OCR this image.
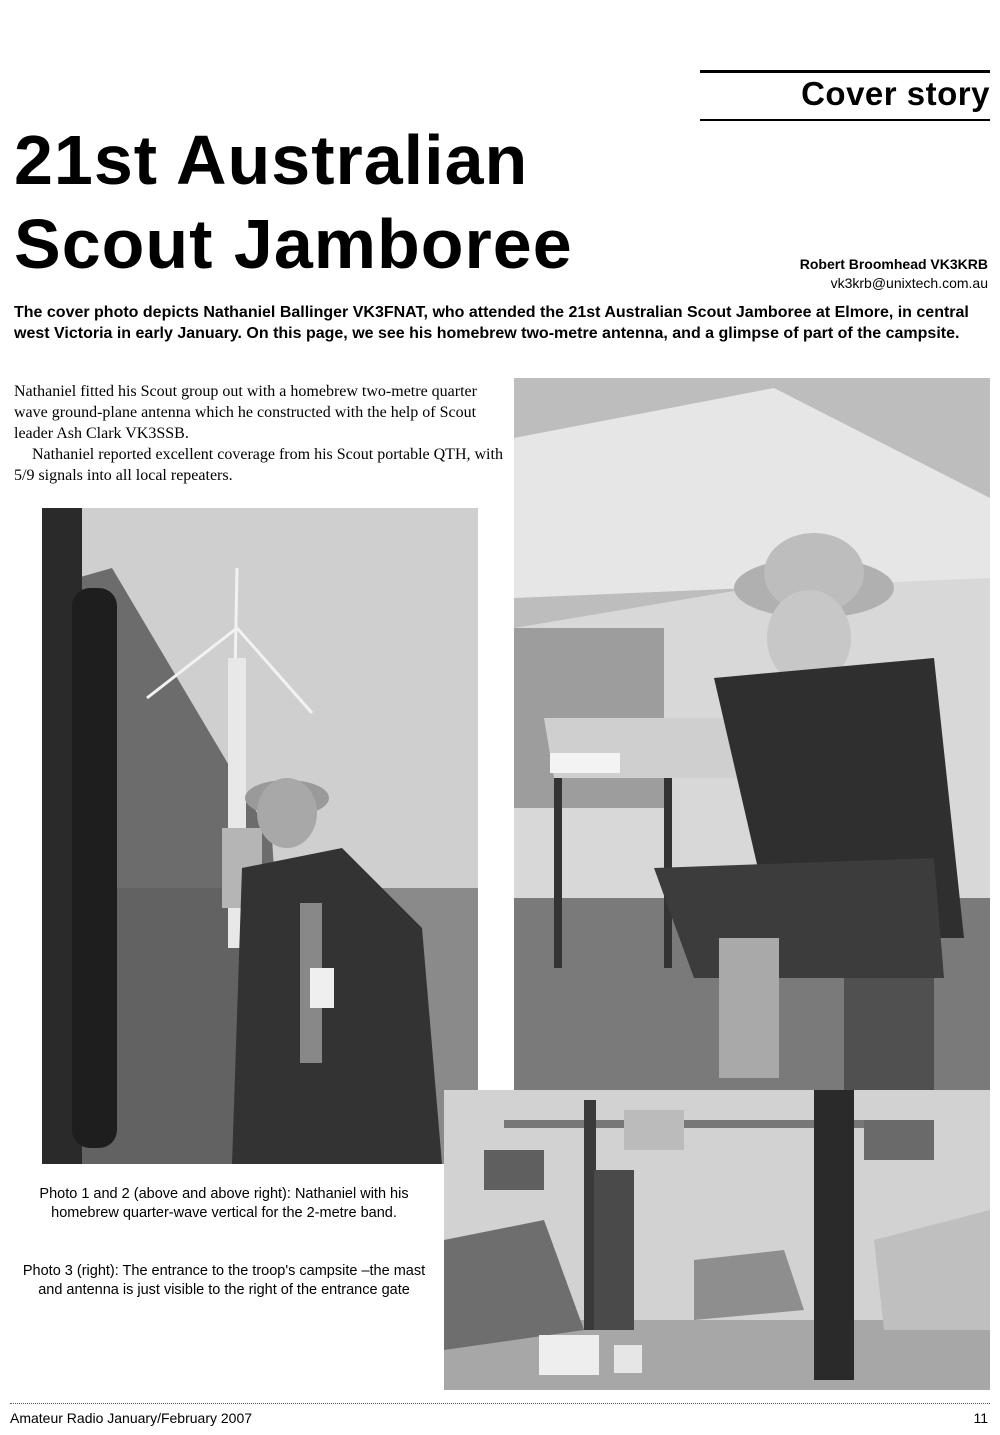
Cover story
21st Australian
Scout Jamboree	Robert Broomhead VK3KRB
vk3krb@unixtech.com.au
The cover photo depicts Nathaniel Ballinger VK3FNAT, who attended the 21st Australian Scout Jamboree at Elmore, in central west Victoria in early January. On this page, we see his homebrew two-metre antenna, and a glimpse of part of the campsite.

Nathaniel fitted his Scout group out with a homebrew two-metre quarter wave ground-plane antenna which he constructed with the help of Scout leader Ash Clark VK3SSB.

Nathaniel reported excellent coverage from his Scout portable QTH, with 5/9 signals into all local repeaters.

Photo 1 and 2 (above and above right): Nathaniel with his homebrew quarter-wave vertical for the 2-metre band.
Photo 3 (right): The entrance to the troop's campsite –the mast and antenna is just visible to the right of the entrance gate
Amateur Radio January/February 2007	11
